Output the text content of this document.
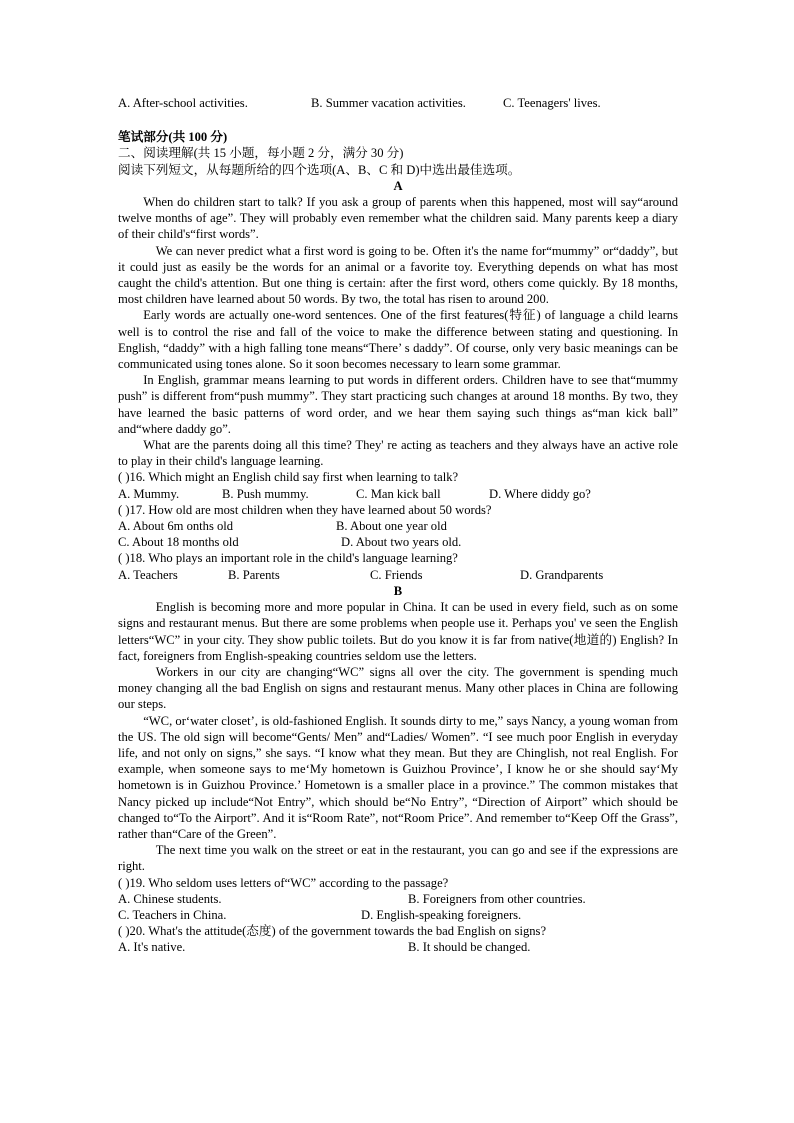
A. After-school activities.	B. Summer vacation activities.	C. Teenagers' lives.

笔试部分(共 100 分)

二、阅读理解(共 15 小题，每小题 2 分，满分 30 分)

阅读下列短文，从每题所给的四个选项(A、B、C 和 D)中选出最佳选项。

A

When do children start to talk? If you ask a group of parents when this happened, most will say“around twelve months of age”. They will probably even remember what the children said. Many parents keep a diary of their child's“first words”.

We can never predict what a first word is going to be. Often it's the name for“mummy” or“daddy”, but it could just as easily be the words for an animal or a favorite toy. Everything depends on what has most caught the child's attention. But one thing is certain: after the first word, others come quickly. By 18 months, most children have learned about 50 words. By two, the total has risen to around 200.

Early words are actually one-word sentences. One of the first features(特征) of language a child learns well is to control the rise and fall of the voice to make the difference between stating and questioning. In English, “daddy” with a high falling tone means“There’ s daddy”. Of course, only very basic meanings can be communicated using tones alone. So it soon becomes necessary to learn some grammar.

In English, grammar means learning to put words in different orders. Children have to see that“mummy push” is different from“push mummy”. They start practicing such changes at around 18 months. By two, they have learned the basic patterns of word order, and we hear them saying such things as“man kick ball” and“where daddy go”.

What are the parents doing all this time? They' re acting as teachers and they always have an active role to play in their child's language learning.

( )16. Which might an English child say first when learning to talk?

A. Mummy.	B. Push mummy.	C. Man kick ball	D. Where diddy go?

( )17. How old are most children when they have learned about 50 words?

A. About 6m onths old	B. About one year old
C. About 18 months old	D. About two years old.

( )18. Who plays an important role in the child's language learning?

A. Teachers	B. Parents	C. Friends	D. Grandparents

B

English is becoming more and more popular in China. It can be used in every field, such as on some signs and restaurant menus. But there are some problems when people use it. Perhaps you' ve seen the English letters“WC” in your city. They show public toilets. But do you know it is far from native(地道的) English? In fact, foreigners from English-speaking countries seldom use the letters.

Workers in our city are changing“WC” signs all over the city. The government is spending much money changing all the bad English on signs and restaurant menus. Many other places in China are following our steps.

“WC, or‘water closet’, is old-fashioned English. It sounds dirty to me,” says Nancy, a young woman from the US. The old sign will become“Gents/ Men” and“Ladies/ Women”. “I see much poor English in everyday life, and not only on signs,” she says. “I know what they mean. But they are Chinglish, not real English. For example, when someone says to me‘My hometown is Guizhou Province’, I know he or she should say‘My hometown is in Guizhou Province.’ Hometown is a smaller place in a province.” The common mistakes that Nancy picked up include“Not Entry”, which should be“No Entry”, “Direction of Airport” which should be changed to“To the Airport”. And it is“Room Rate”, not“Room Price”. And remember to“Keep Off the Grass”, rather than“Care of the Green”.

The next time you walk on the street or eat in the restaurant, you can go and see if the expressions are right.

( )19. Who seldom uses letters of“WC” according to the passage?

A. Chinese students.	B. Foreigners from other countries.
C. Teachers in China.	D. English-speaking foreigners.

( )20. What's the attitude(态度) of the government towards the bad English on signs?

A. It's native.	B. It should be changed.
